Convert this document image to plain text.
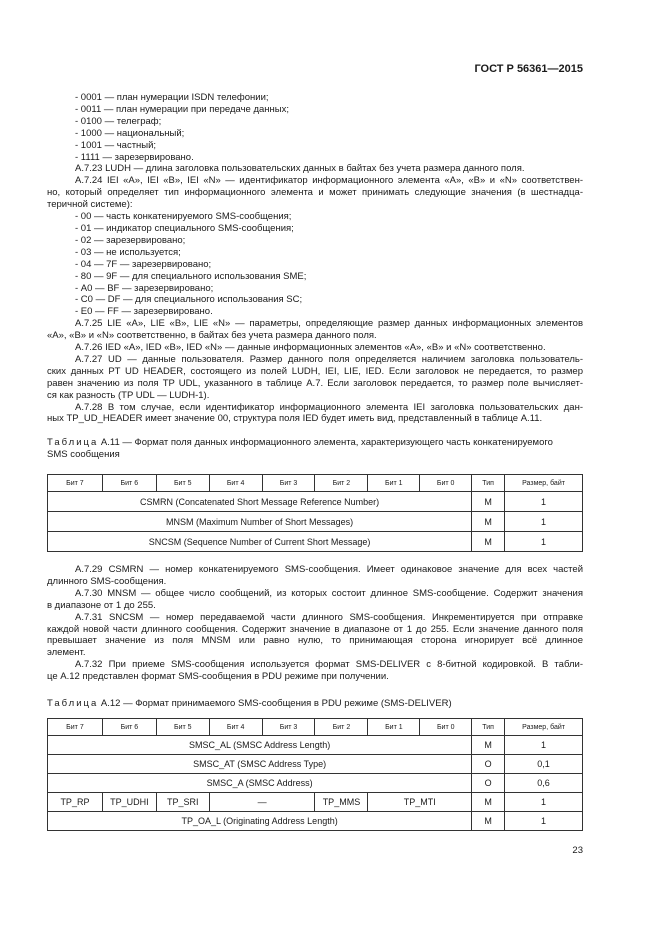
ГОСТ Р 56361—2015
- 0001 — план нумерации ISDN телефонии;
- 0011 — план нумерации при передаче данных;
- 0100 — телеграф;
- 1000 — национальный;
- 1001 — частный;
- 1111 — зарезервировано.
А.7.23 LUDH — длина заголовка пользовательских данных в байтах без учета размера данного поля.
А.7.24 IEI «А», IEI «В», IEI «N» — идентификатор информационного элемента «А», «В» и «N» соответствен-
но, который определяет тип информационного элемента и может принимать следующие значения (в шестнадца-
теричной системе):
- 00 — часть конкатенируемого SMS-сообщения;
- 01 — индикатор специального SMS-сообщения;
- 02 — зарезервировано;
- 03 — не используется;
- 04 — 7F — зарезервировано;
- 80 — 9F — для специального использования SME;
- А0 — BF — зарезервировано;
- С0 — DF — для специального использования SC;
- Е0 — FF — зарезервировано.
А.7.25 LIE «А», LIE «В», LIE «N» — параметры, определяющие размер данных информационных элементов
«А», «В» и «N» соответственно, в байтах без учета размера данного поля.
А.7.26 IED «А», IED «В», IED «N» — данные информационных элементов «А», «В» и «N» соответственно.
А.7.27 UD — данные пользователя. Размер данного поля определяется наличием заголовка пользователь-
ских данных PT UD HEADER, состоящего из полей LUDH, IEI, LIE, IED. Если заголовок не передается, то размер
равен значению из поля TP UDL, указанного в таблице А.7. Если заголовок передается, то размер поле вычисляет-
ся как разность (TP UDL — LUDH-1).
А.7.28 В том случае, если идентификатор информационного элемента IEI заголовка пользовательских дан-
ных TP_UD_HEADER имеет значение 00, структура поля IED будет иметь вид, представленный в таблице А.11.
Таблица А.11 — Формат поля данных информационного элемента, характеризующего часть конкатенируемого
SMS сообщения
Бит 7	Бит 6	Бит 5	Бит 4	Бит 3	Бит 2	Бит 1	Бит 0	Тип	Размер, байт
CSMRN (Concatenated Short Message Reference Number)								М	1
MNSM (Maximum Number of Short Messages)								М	1
SNCSM (Sequence Number of Current Short Message)								М	1
А.7.29 CSMRN — номер конкатенируемого SMS-сообщения. Имеет одинаковое значение для всех частей
длинного SMS-сообщения.
А.7.30 MNSM — общее число сообщений, из которых состоит длинное SMS-сообщение. Содержит значения
в диапазоне от 1 до 255.
А.7.31 SNCSM — номер передаваемой части длинного SMS-сообщения. Инкрементируется при отправке
каждой новой части длинного сообщения. Содержит значение в диапазоне от 1 до 255. Если значение данного поля
превышает значение из поля MNSM или равно нулю, то принимающая сторона игнорирует всё длинное
элемент.
А.7.32 При приеме SMS-сообщения используется формат SMS-DELIVER с 8-битной кодировкой. В табли-
це А.12 представлен формат SMS-сообщения в PDU режиме при получении.
Таблица А.12 — Формат принимаемого SMS-сообщения в PDU режиме (SMS-DELIVER)
Бит 7	Бит 6	Бит 5	Бит 4	Бит 3	Бит 2	Бит 1	Бит 0	Тип	Размер, байт
SMSC_AL (SMSC Address Length)								М	1
SMSC_AT (SMSC Address Type)								О	0,1
SMSC_A (SMSC Address)								О	0,6
TP_RP	TP_UDHI	TP_SRI	—		TP_MMS	TP_MTI		М	1
TP_OA_L (Originating Address Length)								М	1
23
